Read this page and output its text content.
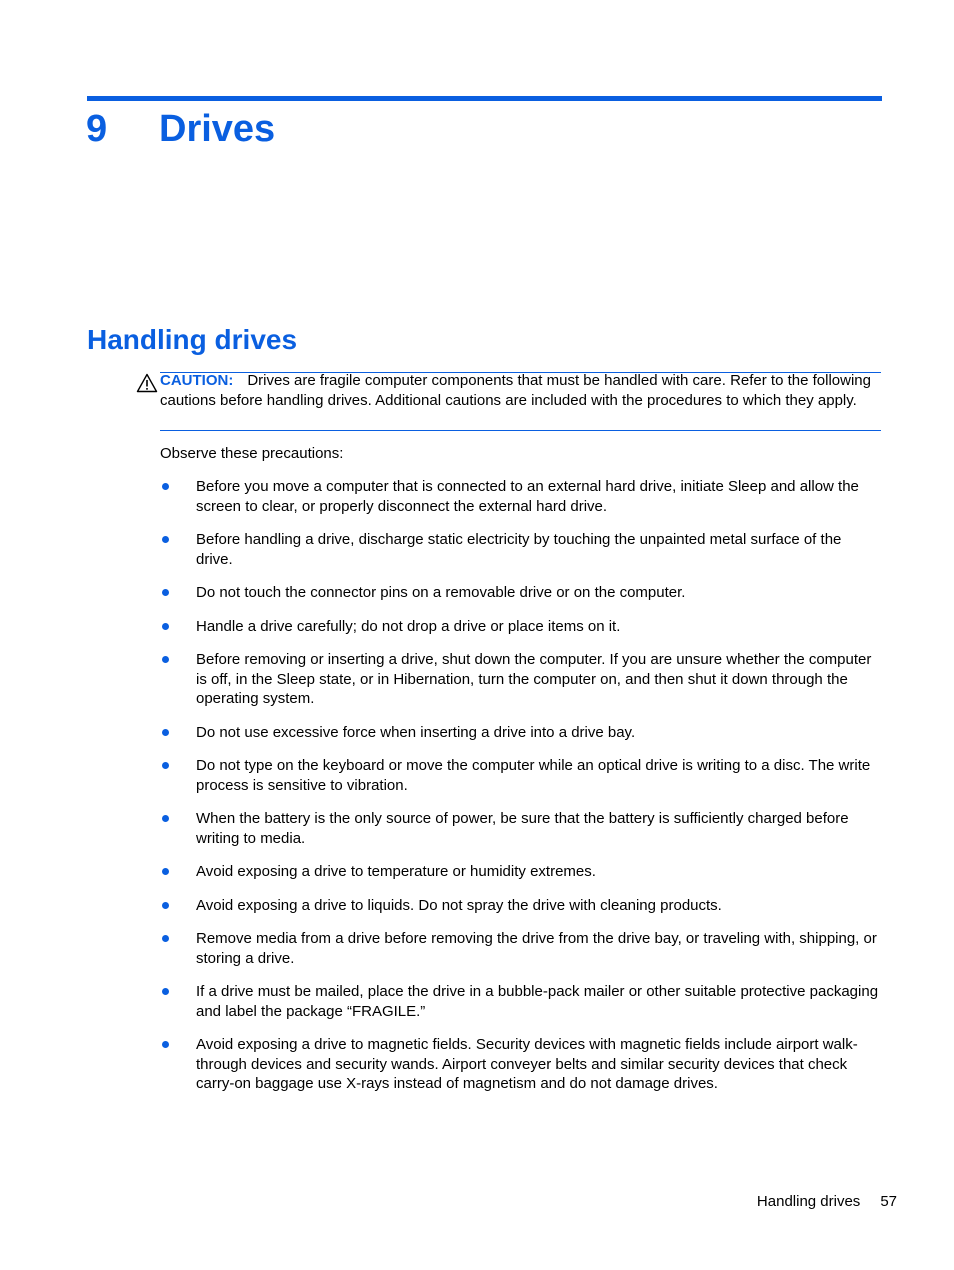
9 Drives
Handling drives
CAUTION: Drives are fragile computer components that must be handled with care. Refer to the following cautions before handling drives. Additional cautions are included with the procedures to which they apply.
Observe these precautions:
Before you move a computer that is connected to an external hard drive, initiate Sleep and allow the screen to clear, or properly disconnect the external hard drive.
Before handling a drive, discharge static electricity by touching the unpainted metal surface of the drive.
Do not touch the connector pins on a removable drive or on the computer.
Handle a drive carefully; do not drop a drive or place items on it.
Before removing or inserting a drive, shut down the computer. If you are unsure whether the computer is off, in the Sleep state, or in Hibernation, turn the computer on, and then shut it down through the operating system.
Do not use excessive force when inserting a drive into a drive bay.
Do not type on the keyboard or move the computer while an optical drive is writing to a disc. The write process is sensitive to vibration.
When the battery is the only source of power, be sure that the battery is sufficiently charged before writing to media.
Avoid exposing a drive to temperature or humidity extremes.
Avoid exposing a drive to liquids. Do not spray the drive with cleaning products.
Remove media from a drive before removing the drive from the drive bay, or traveling with, shipping, or storing a drive.
If a drive must be mailed, place the drive in a bubble-pack mailer or other suitable protective packaging and label the package “FRAGILE.”
Avoid exposing a drive to magnetic fields. Security devices with magnetic fields include airport walk-through devices and security wands. Airport conveyer belts and similar security devices that check carry-on baggage use X-rays instead of magnetism and do not damage drives.
Handling drives 57
